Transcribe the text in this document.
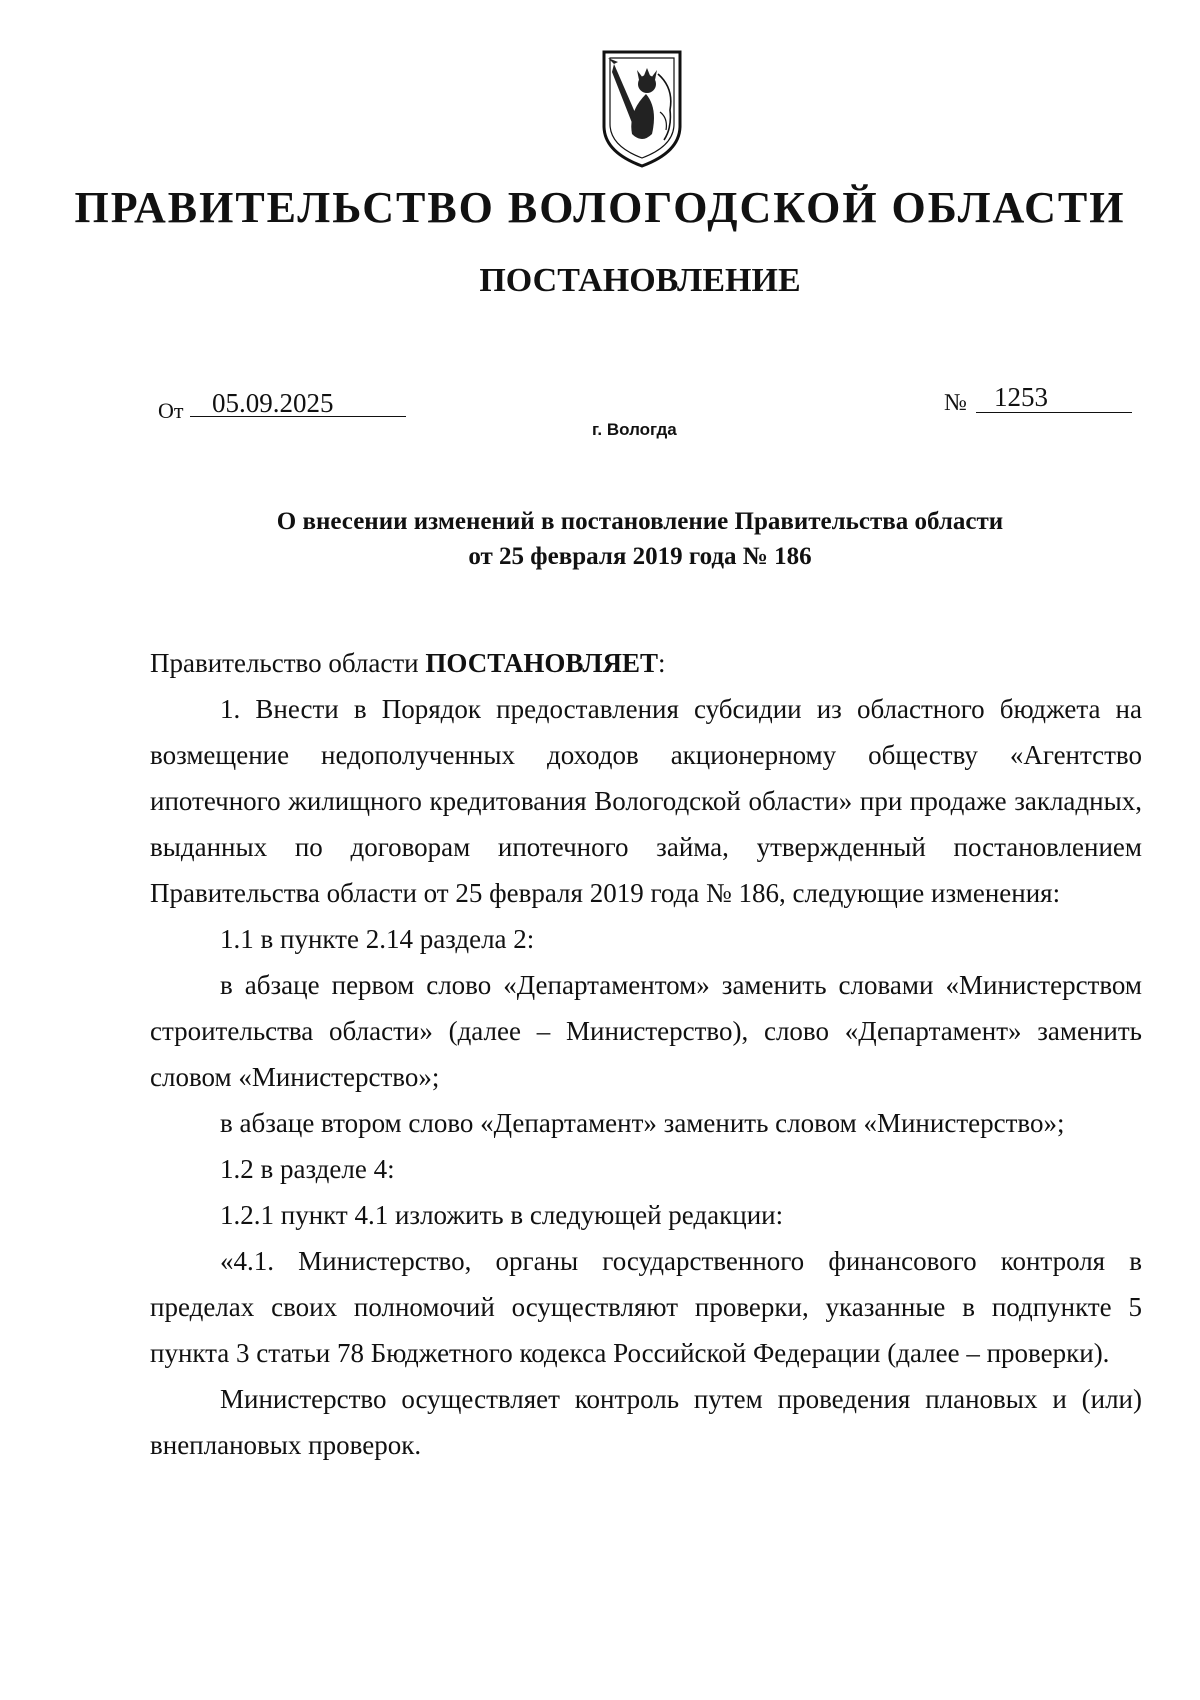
ПРАВИТЕЛЬСТВО ВОЛОГОДСКОЙ ОБЛАСТИ
ПОСТАНОВЛЕНИЕ
От 05.09.2025	№ 1253
г. Вологда
О внесении изменений в постановление Правительства области
от 25 февраля 2019 года № 186

Правительство области ПОСТАНОВЛЯЕТ:

1. Внести в Порядок предоставления субсидии из областного бюджета на возмещение недополученных доходов акционерному обществу «Агентство ипотечного жилищного кредитования Вологодской области» при продаже закладных, выданных по договорам ипотечного займа, утвержденный постановлением Правительства области от 25 февраля 2019 года № 186, следующие изменения:

1.1 в пункте 2.14 раздела 2:

в абзаце первом слово «Департаментом» заменить словами «Министерством строительства области» (далее – Министерство), слово «Департамент» заменить словом «Министерство»;

в абзаце втором слово «Департамент» заменить словом «Министерство»;

1.2 в разделе 4:

1.2.1 пункт 4.1 изложить в следующей редакции:

«4.1. Министерство, органы государственного финансового контроля в пределах своих полномочий осуществляют проверки, указанные в подпункте 5 пункта 3 статьи 78 Бюджетного кодекса Российской Федерации (далее – проверки).

Министерство осуществляет контроль путем проведения плановых и (или) внеплановых проверок.
